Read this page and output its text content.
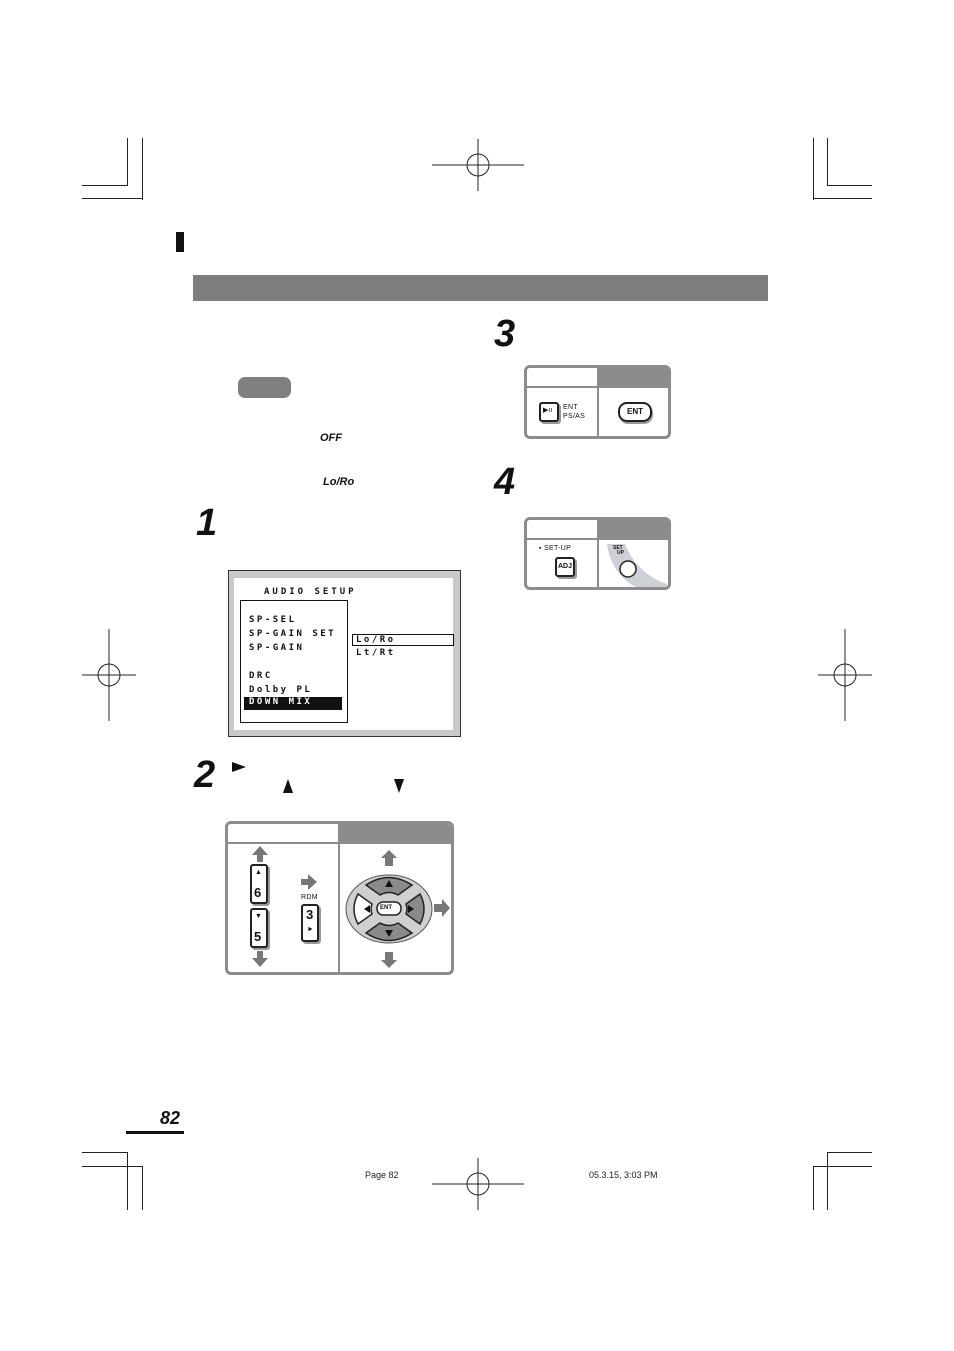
OFF
Lo/Ro
1
2
3
4
AUDIO SETUP
SP-SEL
SP-GAIN SET
SP-GAIN
DRC
Dolby PL
DOWN MIX
Lo/Ro
Lt/Rt
▲
6
▼
5
RDM
3
►
ENT
▶ıı ENT
PS/AS
ENT
▪ SET-UP
ADJ
SET
UP
82
Page 82	05.3.15, 3:03 PM
